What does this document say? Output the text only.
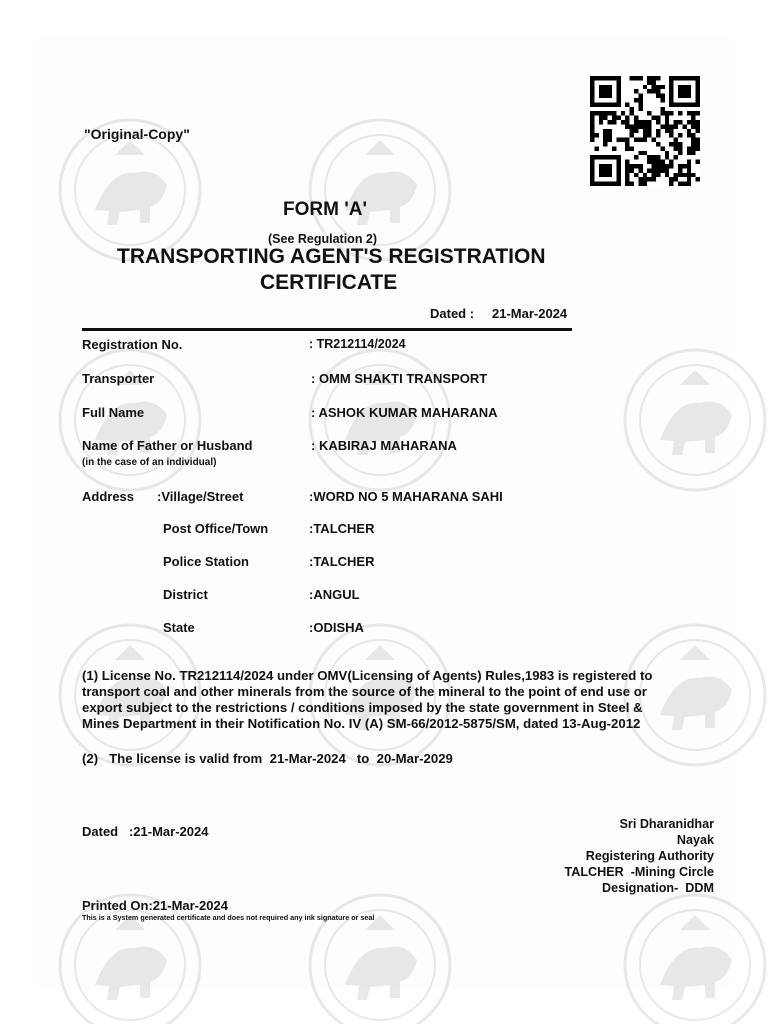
"Original-Copy"
FORM 'A'
(See Regulation 2)
TRANSPORTING AGENT'S REGISTRATION
CERTIFICATE
Dated : 21-Mar-2024
Registration No.	: TR212114/2024
Transporter	: OMM SHAKTI TRANSPORT
Full Name	: ASHOK KUMAR MAHARANA
Name of Father or Husband
(in the case of an individual)
: KABIRAJ MAHARANA
Address :Village/Street	:WORD NO 5 MAHARANA SAHI
Post Office/Town	:TALCHER
Police Station	:TALCHER
District	:ANGUL
State	:ODISHA
(1) License No. TR212114/2024 under OMV(Licensing of Agents) Rules,1983 is registered to
transport coal and other minerals from the source of the mineral to the point of end use or
export subject to the restrictions / conditions imposed by the state government in Steel &
Mines Department in their Notification No. IV (A) SM-66/2012-5875/SM, dated 13-Aug-2012
(2)   The license is valid from  21-Mar-2024   to  20-Mar-2029
Dated   :21-Mar-2024	Sri Dharanidhar
Nayak
Registering Authority
TALCHER  -Mining Circle
Designation-  DDM
Printed On:21-Mar-2024
This is a System generated certificate and does not required any ink signature or seal
